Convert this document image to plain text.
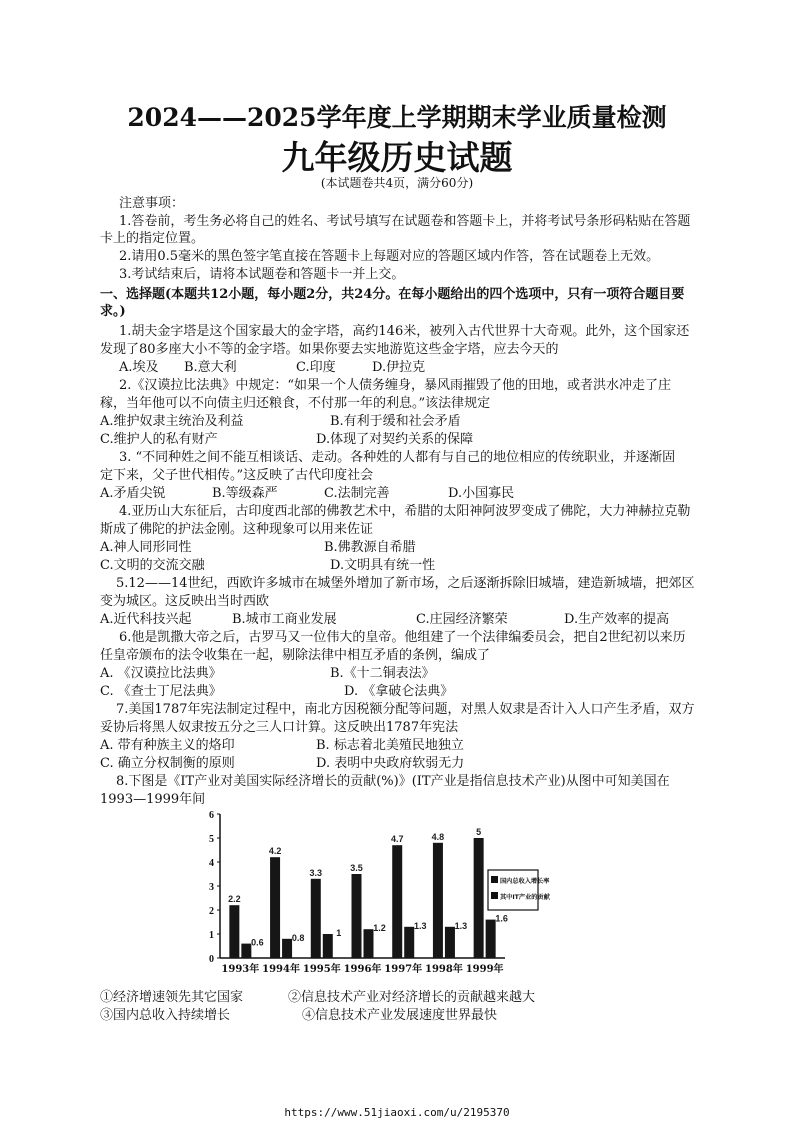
2024——2025学年度上学期期末学业质量检测
九年级历史试题
(本试题卷共4页，满分60分)
注意事项：
1.答卷前，考生务必将自己的姓名、考试号填写在试题卷和答题卡上，并将考试号条形码粘贴在答题
卡上的指定位置。
2.请用0.5毫米的黑色签字笔直接在答题卡上每题对应的答题区域内作答，答在试题卷上无效。
3.考试结束后，请将本试题卷和答题卡一并上交。
一、选择题(本题共12小题，每小题2分，共24分。在每小题给出的四个选项中，只有一项符合题目要
求。)
1.胡夫金字塔是这个国家最大的金字塔，高约146米，被列入古代世界十大奇观。此外，这个国家还
发现了80多座大小不等的金字塔。如果你要去实地游览这些金字塔，应去今天的
A.埃及 B.意大利	C.印度	D.伊拉克
2.《汉谟拉比法典》中规定：“如果一个人债务缠身，暴风雨摧毁了他的田地，或者洪水冲走了庄
稼，当年他可以不向债主归还粮食，不付那一年的利息。”该法律规定
A.维护奴隶主统治及利益	B.有利于缓和社会矛盾
C.维护人的私有财产	D.体现了对契约关系的保障
3. “不同种姓之间不能互相谈话、走动。各种姓的人都有与自己的地位相应的传统职业，并逐渐固
定下来，父子世代相传。”这反映了古代印度社会
A.矛盾尖锐	B.等级森严	C.法制完善	D.小国寡民
4.亚历山大东征后，古印度西北部的佛教艺术中，希腊的太阳神阿波罗变成了佛陀，大力神赫拉克勒
斯成了佛陀的护法金刚。这种现象可以用来佐证
A.神人同形同性	B.佛教源自希腊
C.文明的交流交融	D.文明具有统一性
5.12——14世纪，西欧许多城市在城堡外增加了新市场，之后逐渐拆除旧城墙，建造新城墙，把郊区
变为城区。这反映出当时西欧
A.近代科技兴起	B.城市工商业发展	C.庄园经济繁荣	D.生产效率的提高
6.他是凯撒大帝之后，古罗马又一位伟大的皇帝。他组建了一个法律编委员会，把自2世纪初以来历
任皇帝颁布的法令收集在一起，剔除法律中相互矛盾的条例，编成了
A. 《汉谟拉比法典》	B.《十二铜表法》
C. 《查士丁尼法典》	D. 《拿破仑法典》
7.美国1787年宪法制定过程中，南北方因税额分配等问题，对黑人奴隶是否计入人口产生矛盾，双方
妥协后将黑人奴隶按五分之三人口计算。这反映出1787年宪法
A. 带有种族主义的烙印	B. 标志着北美殖民地独立
C. 确立分权制衡的原则	D. 表明中央政府软弱无力
8.下图是《IT产业对美国实际经济增长的贡献(%)》(IT产业是指信息技术产业)从图中可知美国在
1993—1999年间
0
1
2
3
4
5
6
2.2
0.6
1993年
4.2
0.8
1994年
3.3
1
1995年
3.5
1.2
1996年
4.7
1.3
1997年
4.8
1.3
1998年
5
1.6
1999年
国内总收入增长率
其中IT产业的贡献
①经济增速领先其它国家	②信息技术产业对经济增长的贡献越来越大
③国内总收入持续增长	④信息技术产业发展速度世界最快
https://www.51jiaoxi.com/u/2195370
